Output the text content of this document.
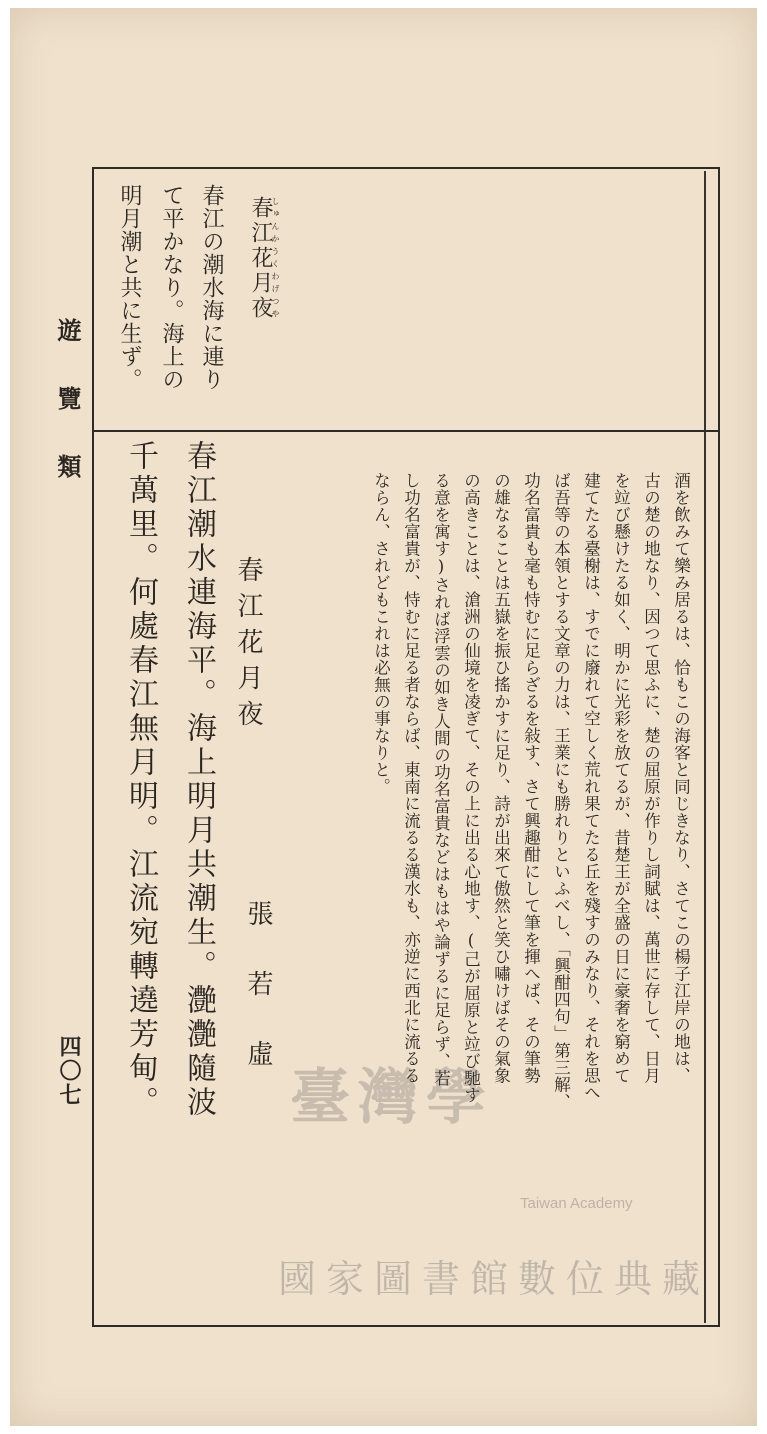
遊覽類
四〇七
春江花月夜しゅんかうくわげつや
春江の潮水海に連り
て平かなり。海上の
明月潮と共に生ず。
酒を飲みて樂み居るは、恰もこの海客と同じきなり、さてこの楊子江岸の地は、
古の楚の地なり、因つて思ふに、楚の屈原が作りし詞賦は、萬世に存して、日月
を竝び懸けたる如く、明かに光彩を放てるが、昔楚王が全盛の日に豪奢を窮めて
建てたる臺榭は、すでに廢れて空しく荒れ果てたる丘を殘すのみなり、それを思へ
ば吾等の本領とする文章の力は、王業にも勝れりといふべし、「興酣四句」第三解、
功名富貴も毫も恃むに足らざるを敍す、さて興趣酣にして筆を揮へば、その筆勢
の雄なることは五嶽を振ひ搖かすに足り、詩が出來て傲然と笑ひ嘯けばその氣象
の高きことは、滄洲の仙境を凌ぎて、その上に出る心地す、(己が屈原と竝び馳す
る意を寓す)されば浮雲の如き人間の功名富貴などはもはや論ずるに足らず、若
し功名富貴が、恃むに足る者ならば、東南に流るる漢水も、亦逆に西北に流るる
ならん、されどもこれは必無の事なりと。
春江花月夜
張若虛
春江潮水連海平。海上明月共潮生。灔灔隨波
千萬里。何處春江無月明。江流宛轉遶芳甸。 臺灣學
國家圖書館數位典藏
Taiwan Academy
